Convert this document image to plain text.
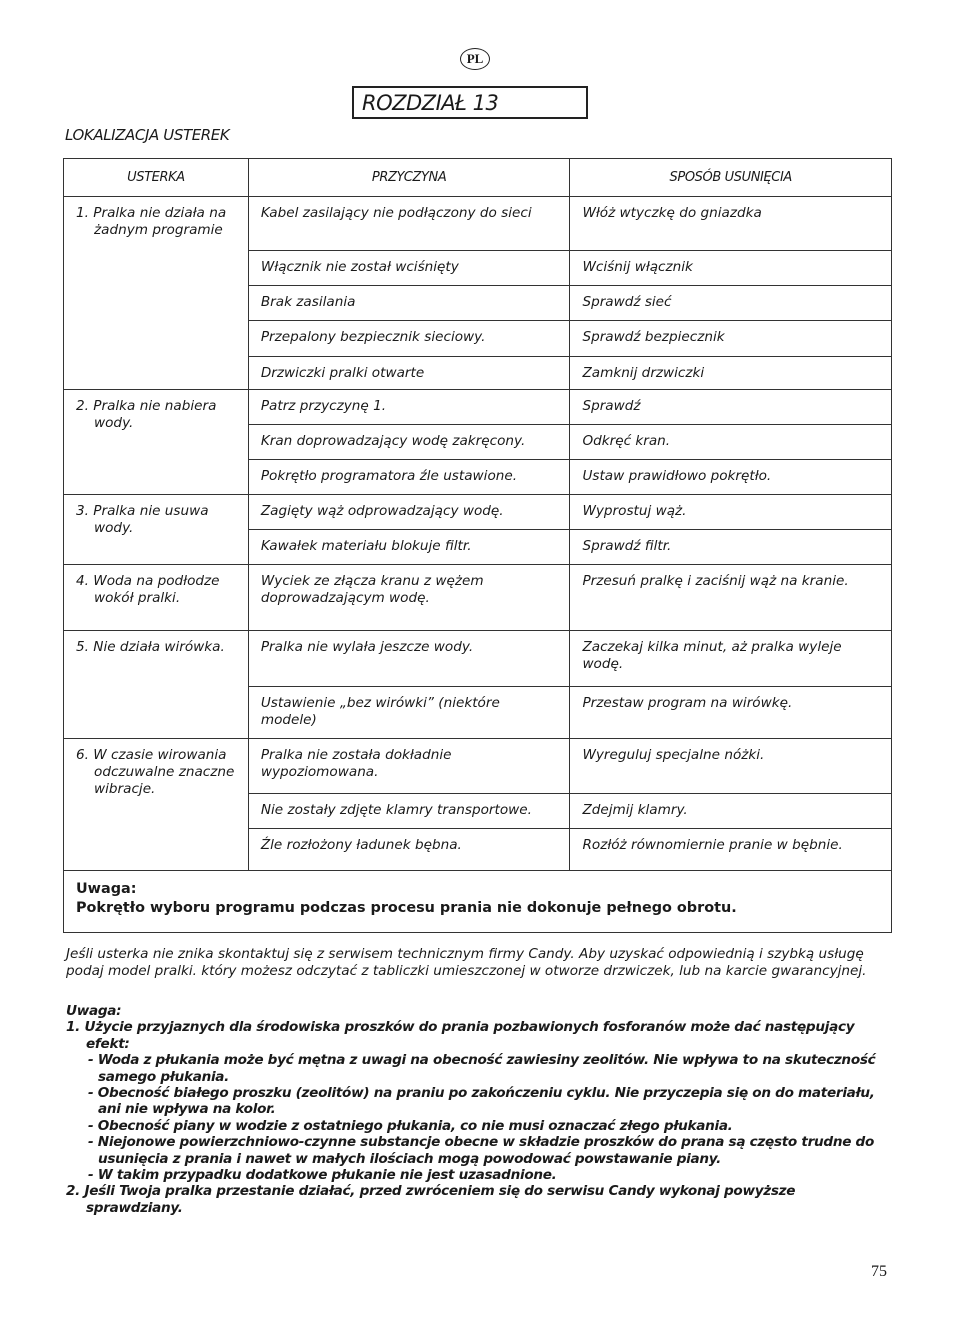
PL
ROZDZIAŁ 13
LOKALIZACJA USTEREK
USTERKA	PRZYCZYNA	SPOSÓB USUNIĘCIA

1. Pralka nie działa na żadnym programie	Kabel zasilający nie podłączony do sieci	Włóż wtyczkę do gniazdka
	Włącznik nie został wciśnięty	Wciśnij włącznik
	Brak zasilania	Sprawdź sieć
	Przepalony bezpiecznik sieciowy.	Sprawdź bezpiecznik
	Drzwiczki pralki otwarte	Zamknij drzwiczki

2. Pralka nie nabiera wody.	Patrz przyczynę 1.	Sprawdź
	Kran doprowadzający wodę zakręcony.	Odkręć kran.
	Pokrętło programatora źle ustawione.	Ustaw prawidłowo pokrętło.

3. Pralka nie usuwa wody.	Zagięty wąż odprowadzający wodę.	Wyprostuj wąż.
	Kawałek materiału blokuje filtr.	Sprawdź filtr.

4. Woda na podłodze wokół pralki.	Wyciek ze złącza kranu z wężem doprowadzającym wodę.	Przesuń pralkę i zaciśnij wąż na kranie.

5. Nie działa wirówka.	Pralka nie wylała jeszcze wody.	Zaczekaj kilka minut, aż pralka wyleje wodę.
	Ustawienie „bez wirówki” (niektóre modele)	Przestaw program na wirówkę.

6. W czasie wirowania odczuwalne znaczne wibracje.	Pralka nie została dokładnie wypoziomowana.	Wyreguluj specjalne nóżki.
	Nie zostały zdjęte klamry transportowe.	Zdejmij klamry.
	Źle rozłożony ładunek bębna.	Rozłóż równomiernie pranie w bębnie.

Uwaga:
Pokrętło wyboru programu podczas procesu prania nie dokonuje pełnego obrotu.		
Jeśli usterka nie znika skontaktuj się z serwisem technicznym firmy Candy. Aby uzyskać odpowiednią i szybką usługę podaj model pralki. który możesz odczytać z tabliczki umieszczonej w otworze drzwiczek, lub na karcie gwarancyjnej.
Uwaga:
1. Użycie przyjaznych dla środowiska proszków do prania pozbawionych fosforanów może dać następujący efekt:
- Woda z płukania może być mętna z uwagi na obecność zawiesiny zeolitów. Nie wpływa to na skuteczność samego płukania.
- Obecność białego proszku (zeolitów) na praniu po zakończeniu cyklu. Nie przyczepia się on do materiału, ani nie wpływa na kolor.
- Obecność piany w wodzie z ostatniego płukania, co nie musi oznaczać złego płukania.
- Niejonowe powierzchniowo-czynne substancje obecne w składzie proszków do prana są często trudne do usunięcia z prania i nawet w małych ilościach mogą powodować powstawanie piany.
- W takim przypadku dodatkowe płukanie nie jest uzasadnione.
2. Jeśli Twoja pralka przestanie działać, przed zwróceniem się do serwisu Candy wykonaj powyższe sprawdziany.
75
